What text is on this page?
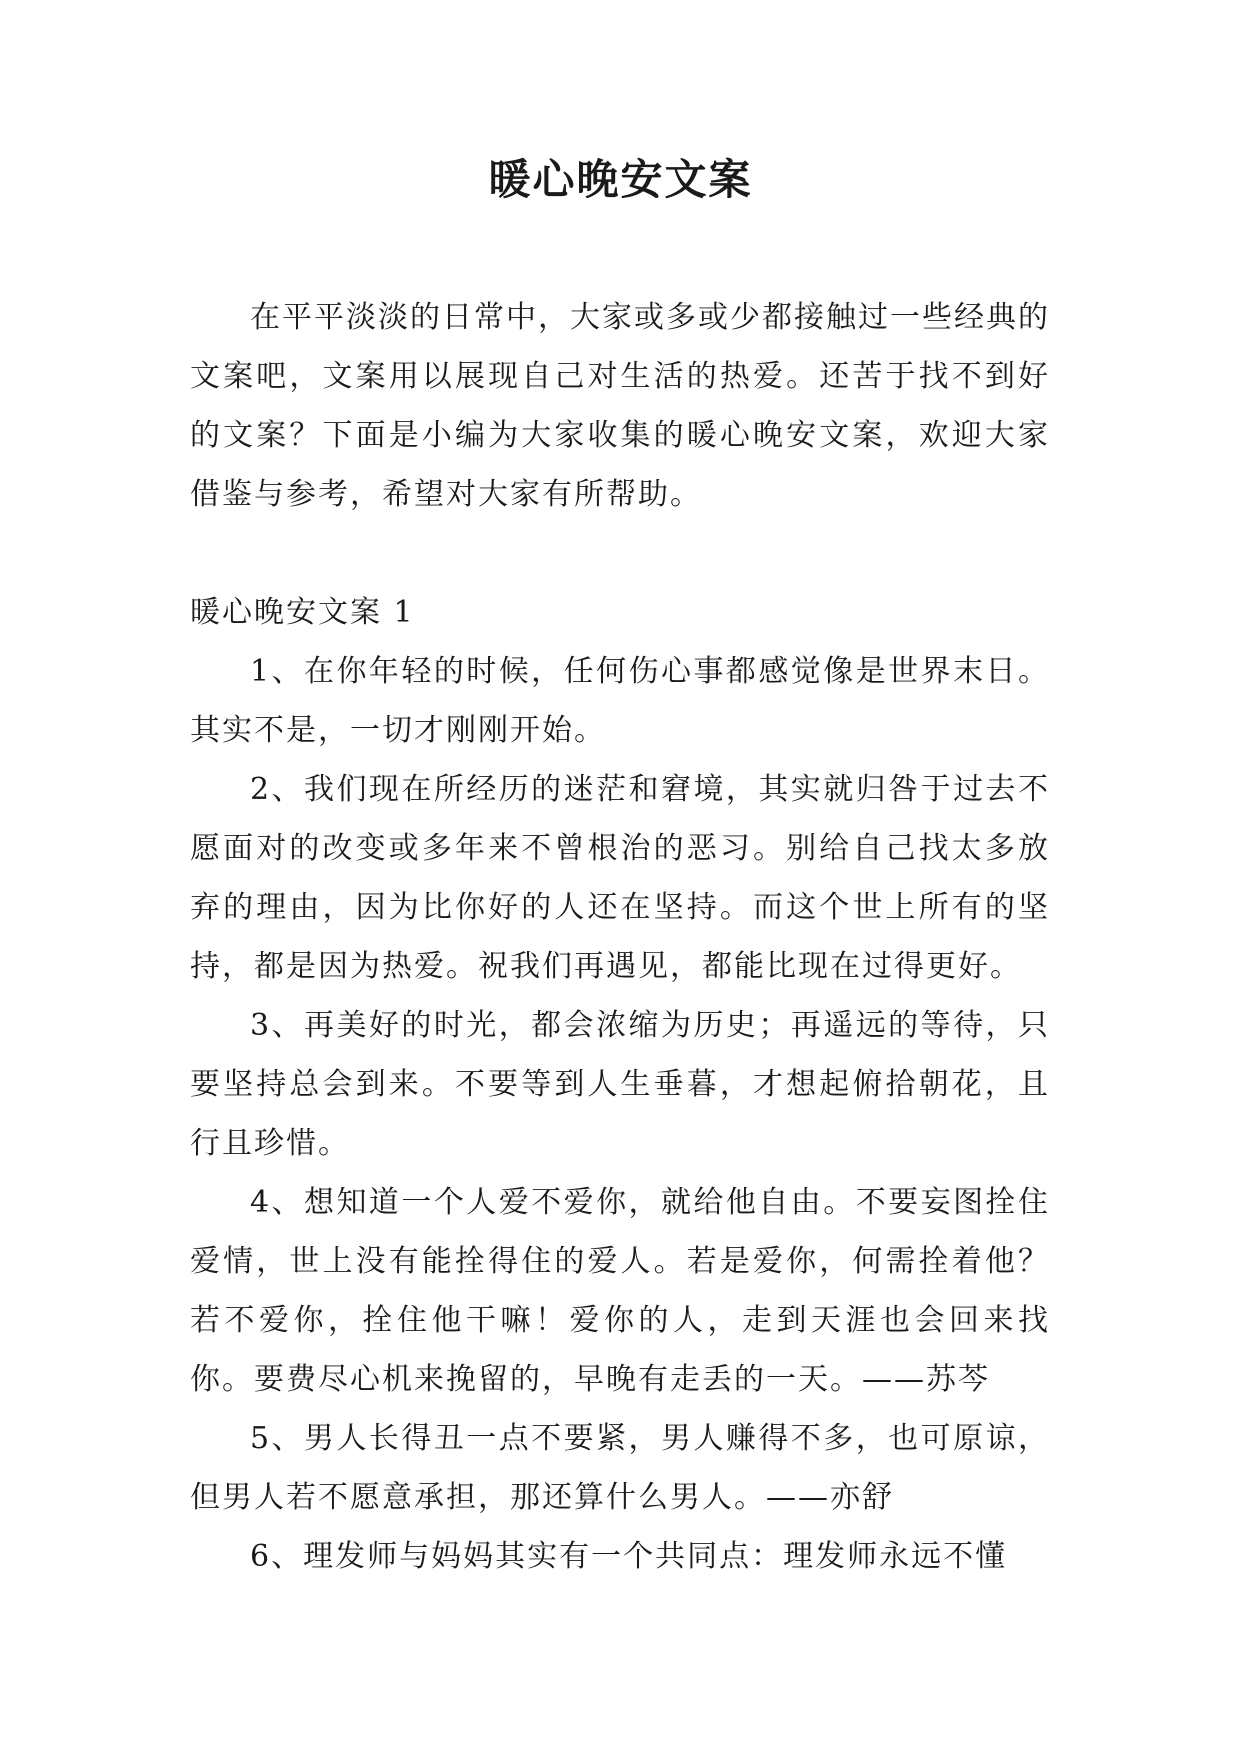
暖心晚安文案

在平平淡淡的日常中，大家或多或少都接触过一些经典的文案吧，文案用以展现自己对生活的热爱。还苦于找不到好的文案？下面是小编为大家收集的暖心晚安文案，欢迎大家借鉴与参考，希望对大家有所帮助。

暖心晚安文案 1

1、在你年轻的时候，任何伤心事都感觉像是世界末日。其实不是，一切才刚刚开始。

2、我们现在所经历的迷茫和窘境，其实就归咎于过去不愿面对的改变或多年来不曾根治的恶习。别给自己找太多放弃的理由，因为比你好的人还在坚持。而这个世上所有的坚持，都是因为热爱。祝我们再遇见，都能比现在过得更好。

3、再美好的时光，都会浓缩为历史；再遥远的等待，只要坚持总会到来。不要等到人生垂暮，才想起俯拾朝花，且行且珍惜。

4、想知道一个人爱不爱你，就给他自由。不要妄图拴住爱情，世上没有能拴得住的爱人。若是爱你，何需拴着他？若不爱你，拴住他干嘛！爱你的人，走到天涯也会回来找你。要费尽心机来挽留的，早晚有走丢的一天。——苏芩

5、男人长得丑一点不要紧，男人赚得不多，也可原谅，但男人若不愿意承担，那还算什么男人。——亦舒

6、理发师与妈妈其实有一个共同点：理发师永远不懂
